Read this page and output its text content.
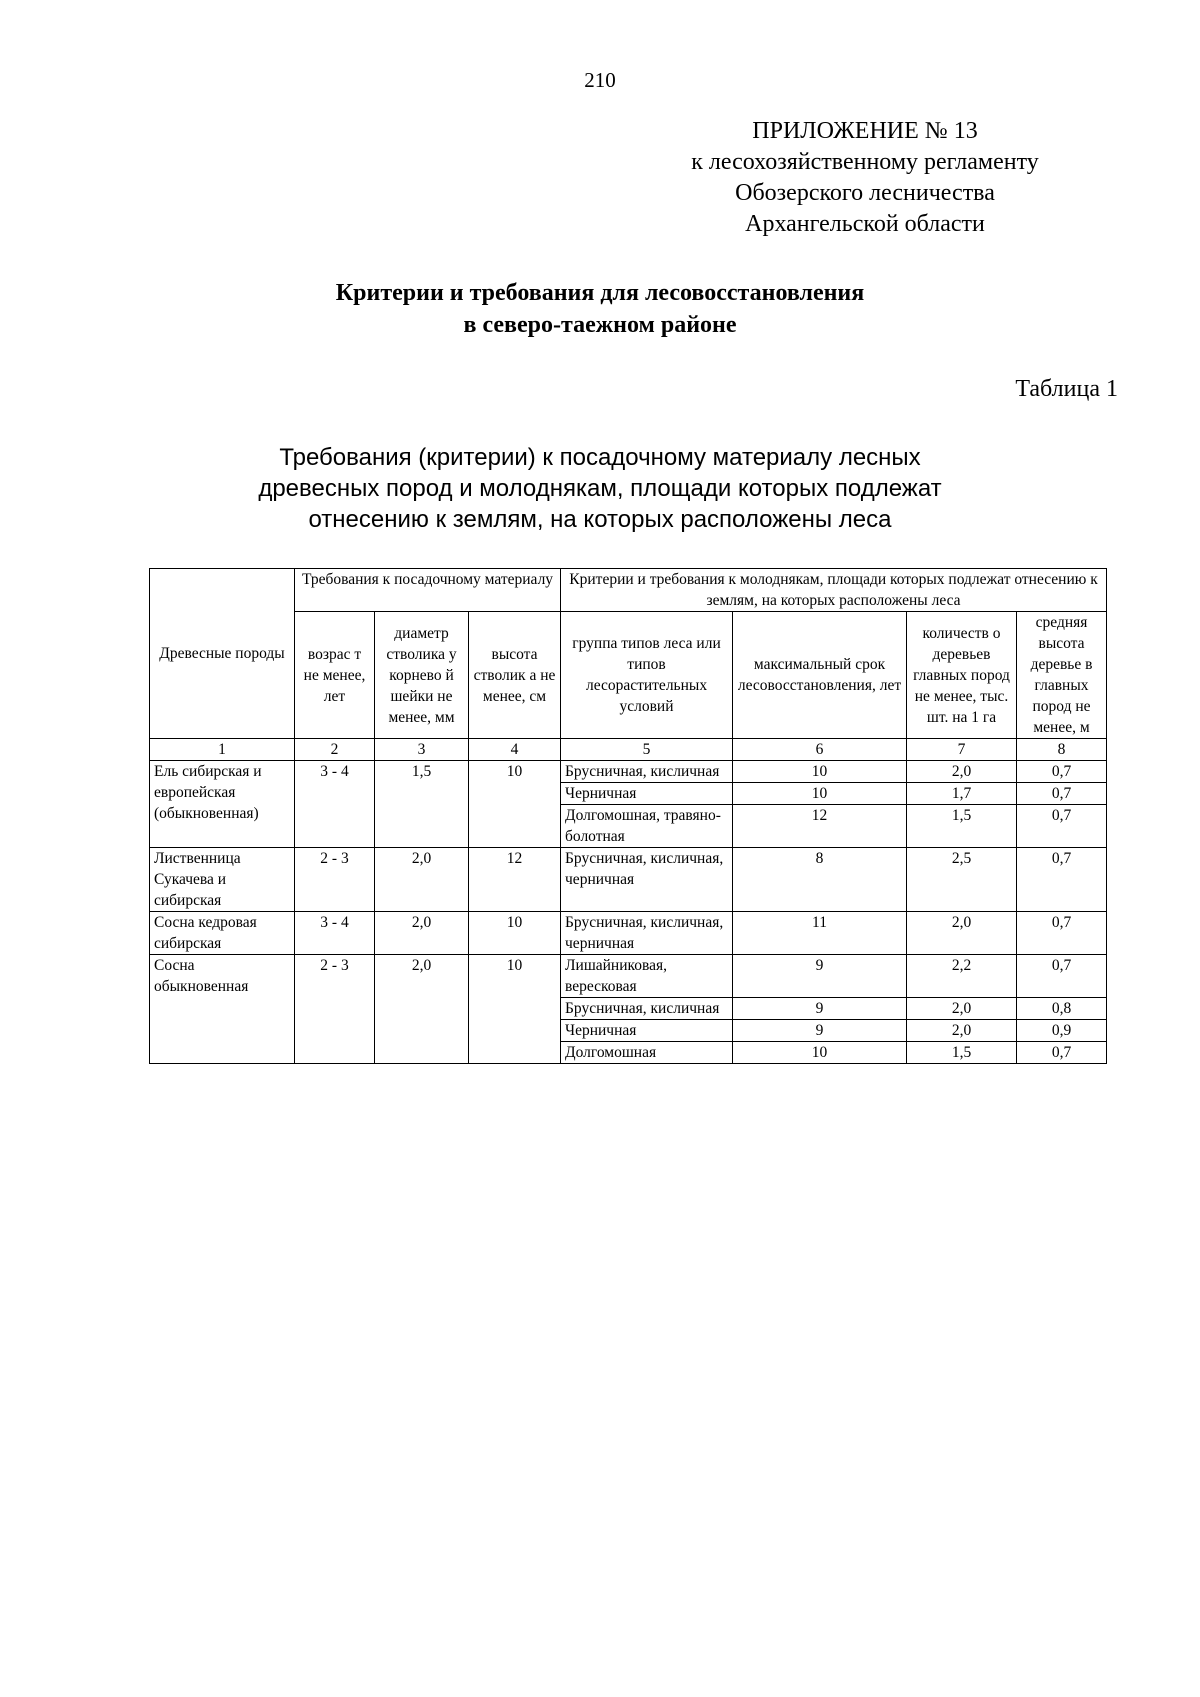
210
ПРИЛОЖЕНИЕ № 13
к лесохозяйственному регламенту
Обозерского лесничества
Архангельской области
Критерии и требования для лесовосстановления
в северо-таежном районе
Таблица 1
Требования (критерии) к посадочному материалу лесных
древесных пород и молоднякам, площади которых подлежат
отнесению к землям, на которых расположены леса
Древесные породы	Требования к посадочному материалу			Критерии и требования к молоднякам, площади которых подлежат отнесению к землям, на которых расположены леса			
	возрас т не менее, лет	диаметр стволика у корнево й шейки не менее, мм	высота стволик а не менее, см	группа типов леса или типов лесорастительных условий	максимальный срок лесовосстановления, лет	количеств о деревьев главных пород не менее, тыс. шт. на 1 га	средняя высота деревье в главных пород не менее, м
1	2	3	4	5	6	7	8
Ель сибирская и европейская (обыкновенная)	3 - 4	1,5	10	Брусничная, кисличная	10	2,0	0,7
				Черничная	10	1,7	0,7
				Долгомошная, травяно-болотная	12	1,5	0,7
Лиственница Сукачева и сибирская	2 - 3	2,0	12	Брусничная, кисличная, черничная	8	2,5	0,7
Сосна кедровая сибирская	3 - 4	2,0	10	Брусничная, кисличная, черничная	11	2,0	0,7
Сосна обыкновенная	2 - 3	2,0	10	Лишайниковая, вересковая	9	2,2	0,7
				Брусничная, кисличная	9	2,0	0,8
				Черничная	9	2,0	0,9
				Долгомошная	10	1,5	0,7
